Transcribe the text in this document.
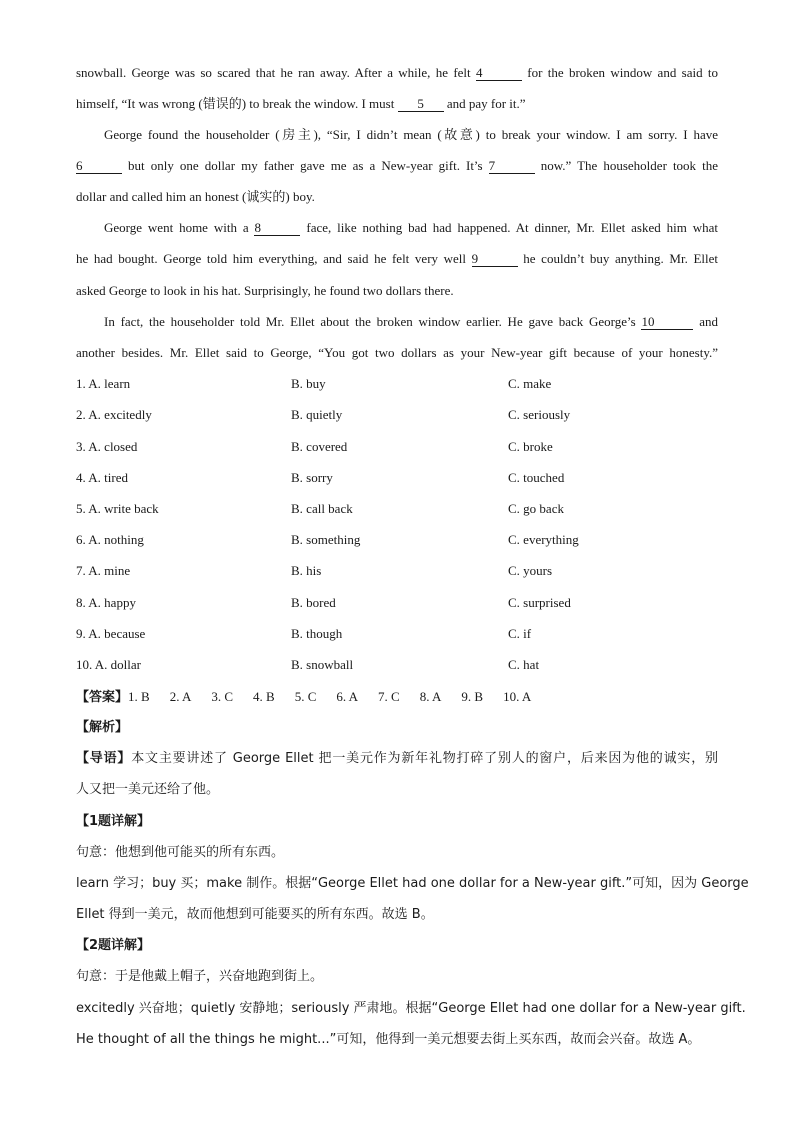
snowball. George was so scared that he ran away. After a while, he felt 4	for the broken window and said to
himself, “It was wrong (错误的) to break the window. I must 5 and pay for it.”
George found the householder (房主), “Sir, I didn’t mean (故意) to break your window. I am sorry. I have
6	but only one dollar my father gave me as a New-year gift. It’s 7	now.” The householder took the
dollar and called him an honest (诚实的) boy.
George went home with a 8	face, like nothing bad had happened. At dinner, Mr. Ellet asked him what
he had bought. George told him everything, and said he felt very well 9	he couldn’t buy anything. Mr. Ellet
asked George to look in his hat. Surprisingly, he found two dollars there.
In fact, the householder told Mr. Ellet about the broken window earlier. He gave back George’s 10	and
another besides. Mr. Ellet said to George, “You got two dollars as your New-year gift because of your honesty.”
1. A. learn	B. buy	C. make
2. A. excitedly	B. quietly	C. seriously
3. A. closed	B. covered	C. broke
4. A. tired	B. sorry	C. touched
5. A. write back	B. call back	C. go back
6. A. nothing	B. something	C. everything
7. A. mine	B. his	C. yours
8. A. happy	B. bored	C. surprised
9. A. because	B. though	C. if
10. A. dollar	B. snowball	C. hat
【答案】1. B 2. A 3. C 4. B 5. C 6. A 7. C 8. A 9. B 10. A
【解析】
【导语】本文主要讲述了 George Ellet 把一美元作为新年礼物打碎了别人的窗户，后来因为他的诚实，别
人又把一美元还给了他。
【1题详解】
句意：他想到他可能买的所有东西。
learn 学习；buy 买；make 制作。根据“George Ellet had one dollar for a New-year gift.”可知，因为 George
Ellet 得到一美元，故而他想到可能要买的所有东西。故选 B。
【2题详解】
句意：于是他戴上帽子，兴奋地跑到街上。
excitedly 兴奋地；quietly 安静地；seriously 严肃地。根据“George Ellet had one dollar for a New-year gift.
He thought of all the things he might...”可知，他得到一美元想要去街上买东西，故而会兴奋。故选 A。
